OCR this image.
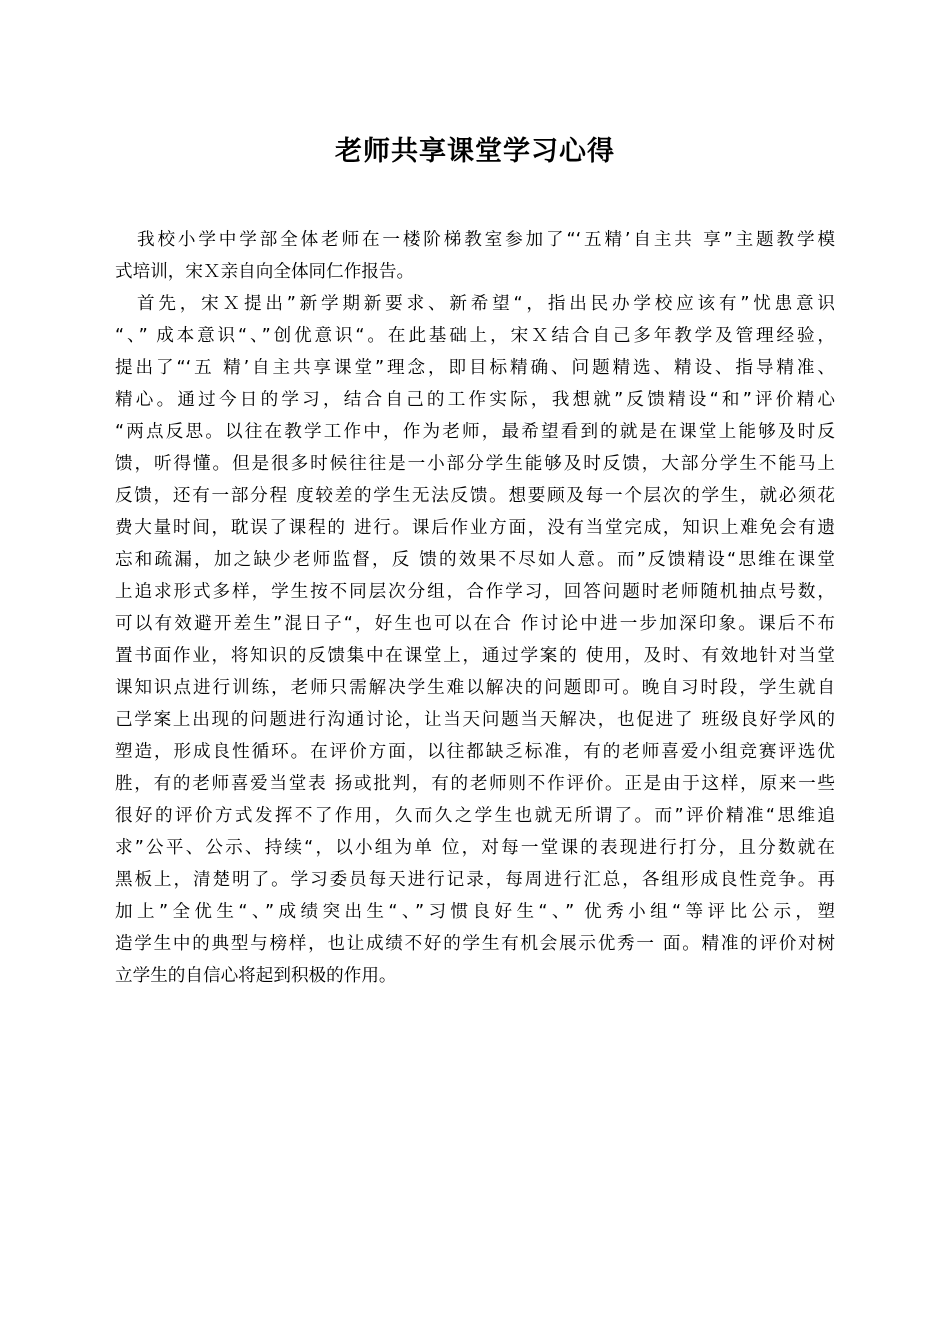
老师共享课堂学习心得
我校小学中学部全体老师在一楼阶梯教室参加了“‘五精’自主共 享”主题教学模
式培训，宋Ｘ亲自向全体同仁作报告。
首先，宋Ｘ提出”新学期新要求、新希望“，指出民办学校应该有”忧患意识
“、” 成本意识“、”创优意识“。在此基础上，宋Ｘ结合自己多年教学及管理经验，
提出了“‘五 精’自主共享课堂”理念，即目标精确、问题精选、精设、指导精准、
精心。通过今日的学习，结合自己的工作实际，我想就”反馈精设“和”评价精心
“两点反思。以往在教学工作中，作为老师，最希望看到的就是在课堂上能够及时反
馈，听得懂。但是很多时候往往是一小部分学生能够及时反馈，大部分学生不能马上
反馈，还有一部分程 度较差的学生无法反馈。想要顾及每一个层次的学生，就必须花
费大量时间，耽误了课程的 进行。课后作业方面，没有当堂完成，知识上难免会有遗
忘和疏漏，加之缺少老师监督，反 馈的效果不尽如人意。而”反馈精设“思维在课堂
上追求形式多样，学生按不同层次分组，合作学习，回答问题时老师随机抽点号数，
可以有效避开差生”混日子“，好生也可以在合 作讨论中进一步加深印象。课后不布
置书面作业，将知识的反馈集中在课堂上，通过学案的 使用，及时、有效地针对当堂
课知识点进行训练，老师只需解决学生难以解决的问题即可。晚自习时段，学生就自
己学案上出现的问题进行沟通讨论，让当天问题当天解决，也促进了 班级良好学风的
塑造，形成良性循环。在评价方面，以往都缺乏标准，有的老师喜爱小组竞赛评选优
胜，有的老师喜爱当堂表 扬或批判，有的老师则不作评价。正是由于这样，原来一些
很好的评价方式发挥不了作用，久而久之学生也就无所谓了。而”评价精准“思维追
求”公平、公示、持续“，以小组为单 位，对每一堂课的表现进行打分，且分数就在
黑板上，清楚明了。学习委员每天进行记录，每周进行汇总，各组形成良性竞争。再
加上”全优生“、”成绩突出生“、”习惯良好生“、” 优秀小组“等评比公示，塑
造学生中的典型与榜样，也让成绩不好的学生有机会展示优秀一 面。精准的评价对树
立学生的自信心将起到积极的作用。
